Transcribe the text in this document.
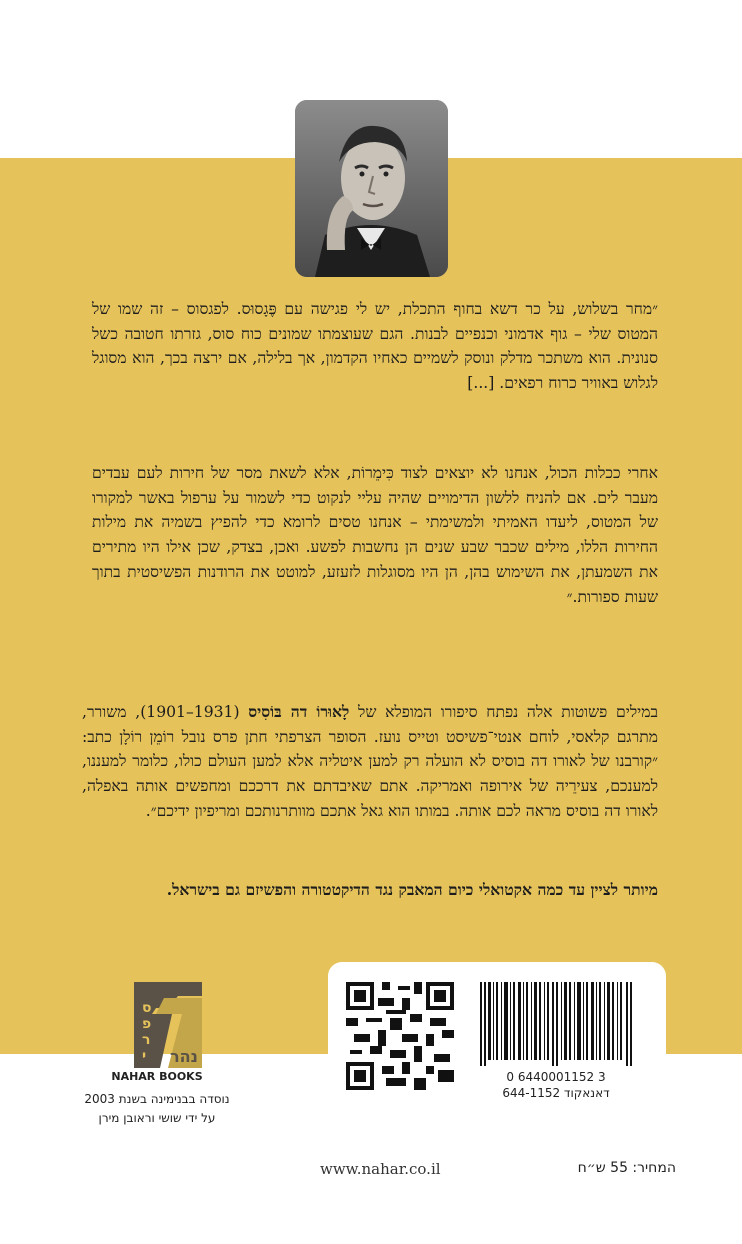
״מחר בשלוש, על כר דשא בחוף התכלת, יש לי פגישה עם פֶּגָסוּס. לפגסוס – זה שמו של המטוס שלי – גוף אדמוני וכנפיים לבנות. הגם שעוצמתו שמונים כוח סוס, גזרתו חטובה כשל סנונית. הוא משתכר מדלק ונוסק לשמיים כאחיו הקדמון, אך בלילה, אם ירצה בכך, הוא מסוגל לגלוש באוויר כרוח רפאים. [...]
אחרי ככלות הכול, אנחנו לא יוצאים לצוד כִּימֵרוֹת, אלא לשאת מסר של חירות לעם עבדים מעבר לים. אם להניח ללשון הדימויים שהיה עליי לנקוט כדי לשמור על ערפול באשר למקורו של המטוס, ליעדו האמיתי ולמשימתי – אנחנו טסים לרומא כדי להפיץ בשמיה את מילות החירות הללו, מילים שכבר שבע שנים הן נחשבות לפשע. ואכן, בצדק, שכן אילו היו מתירים את השמעתן, את השימוש בהן, הן היו מסוגלות לזעזע, למוטט את הרודנות הפשיסטית בתוך שעות ספורות.״
במילים פשוטות אלה נפתח סיפורו המופלא של לָאוּרוֹ דה בּוֹסִיס (1931–1901), משורר, מתרגם קלאסי, לוחם אנטי־פשיסט וטייס נועז. הסופר הצרפתי חתן פרס נובל רוֹמֵן רוֹלָן כתב: ״קורבנו של לאורו דה בוסיס לא הועלה רק למען איטליה אלא למען העולם כולו, כלומר למעננו, למענכם, צעירֵיה של אירופה ואמריקה. אתם שאיבדתם את דרככם ומחפשים אותה באפלה, לאורו דה בוסיס מראה לכם אותה. במותו הוא גאל אתכם מוותרנותכם ומריפיון ידיכם״.
מיותר לציין עד כמה אקטואלי כיום המאבק נגד הדיקטטורה והפשיזם גם בישראל.
ס
פ
ר
י נהר
NAHAR BOOKS
נוסדה בבנימינה בשנת 2003
על ידי שושי וראובן מירן
0 6440001152 3
דאנאקוד 644-1152
www.nahar.co.il	המחיר: 55 ש״ח
